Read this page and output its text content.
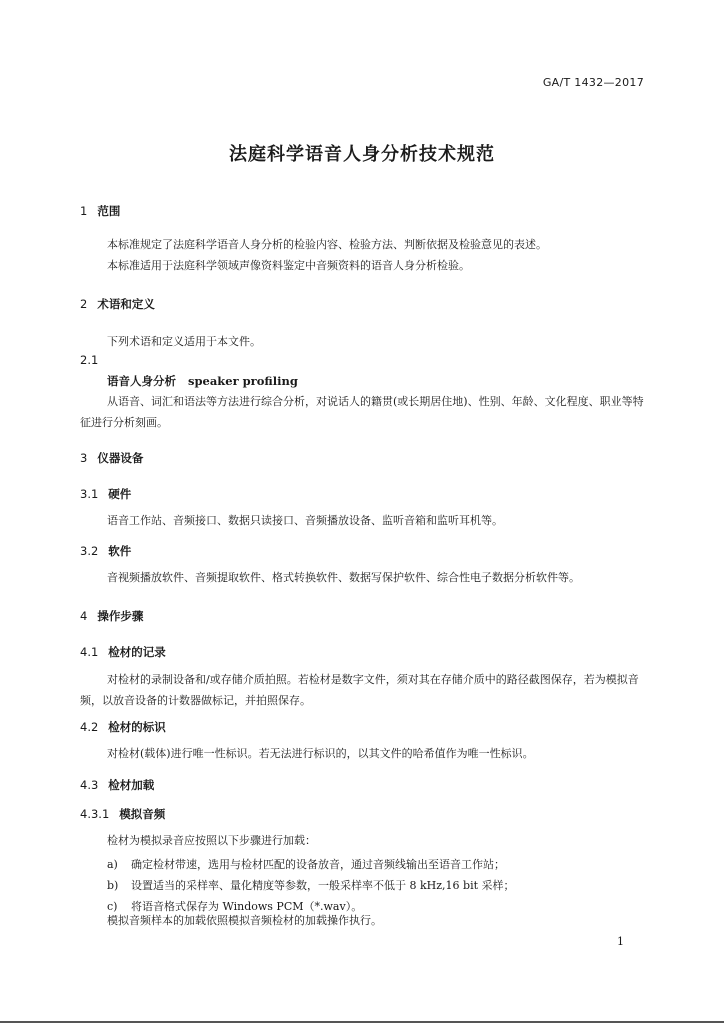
GA/T 1432—2017
法庭科学语音人身分析技术规范
1 范围
本标准规定了法庭科学语音人身分析的检验内容、检验方法、判断依据及检验意见的表述。
本标准适用于法庭科学领域声像资料鉴定中音频资料的语音人身分析检验。
2 术语和定义
下列术语和定义适用于本文件。
2.1
语音人身分析 speaker profiling
从语音、词汇和语法等方法进行综合分析，对说话人的籍贯(或长期居住地)、性别、年龄、文化程度、职业等特征进行分析刻画。
3 仪器设备
3.1 硬件
语音工作站、音频接口、数据只读接口、音频播放设备、监听音箱和监听耳机等。
3.2 软件
音视频播放软件、音频提取软件、格式转换软件、数据写保护软件、综合性电子数据分析软件等。
4 操作步骤
4.1 检材的记录
对检材的录制设备和/或存储介质拍照。若检材是数字文件，须对其在存储介质中的路径截图保存，若为模拟音频，以放音设备的计数器做标记，并拍照保存。
4.2 检材的标识
对检材(载体)进行唯一性标识。若无法进行标识的，以其文件的哈希值作为唯一性标识。
4.3 检材加载
4.3.1 模拟音频
检材为模拟录音应按照以下步骤进行加载：
a) 确定检材带速，选用与检材匹配的设备放音，通过音频线输出至语音工作站；
b) 设置适当的采样率、量化精度等参数，一般采样率不低于 8 kHz,16 bit 采样；
c) 将语音格式保存为 Windows PCM（*.wav）。
模拟音频样本的加载依照模拟音频检材的加载操作执行。
1
